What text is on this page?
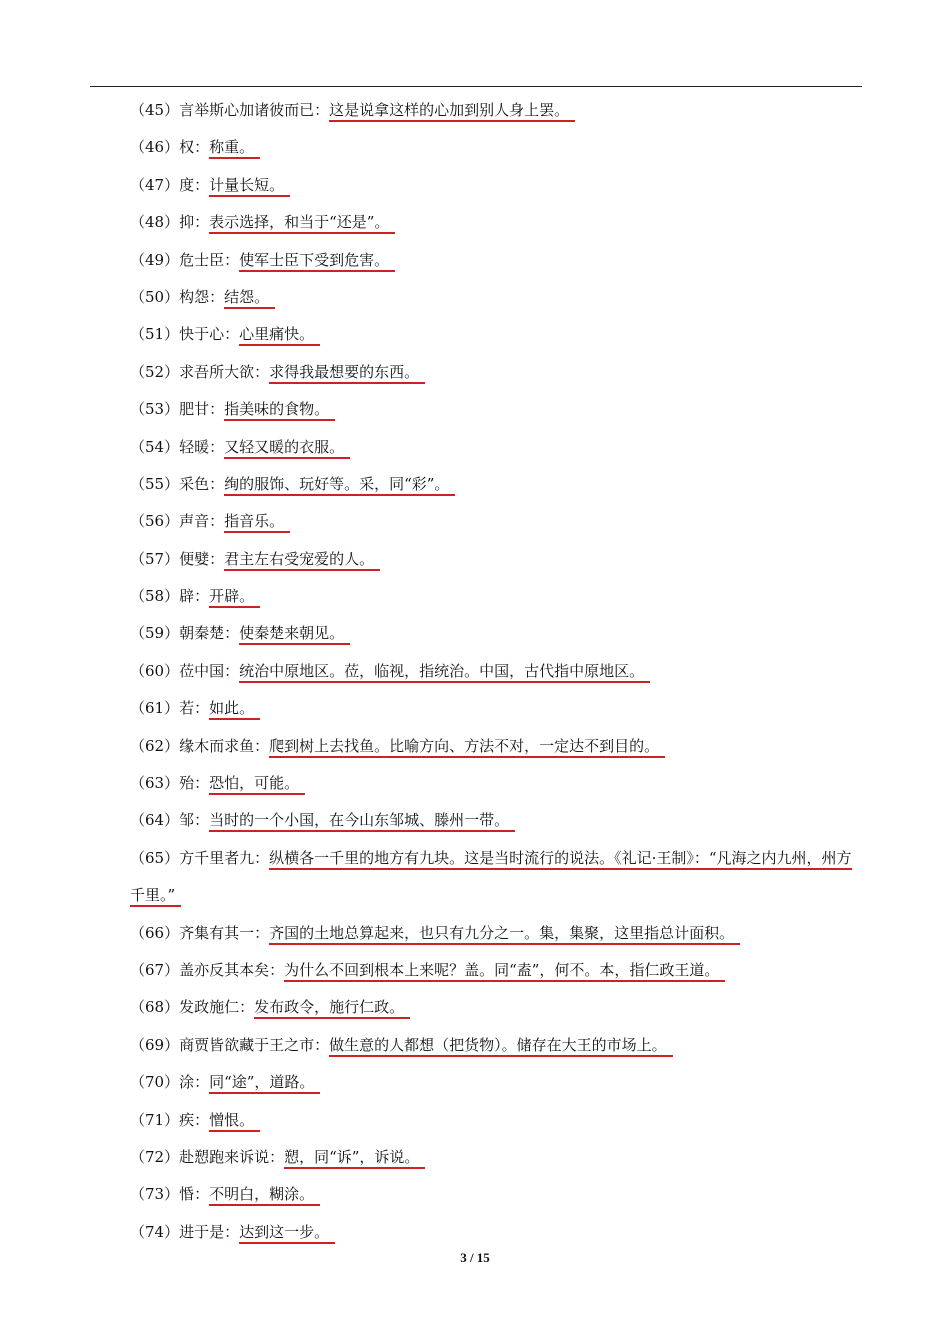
（45）言举斯心加诸彼而已：这是说拿这样的心加到别人身上罢。
（46）权：称重。
（47）度：计量长短。
（48）抑：表示选择，和当于“还是”。
（49）危士臣：使军士臣下受到危害。
（50）构怨：结怨。
（51）快于心：心里痛快。
（52）求吾所大欲：求得我最想要的东西。
（53）肥甘：指美味的食物。
（54）轻暖：又轻又暖的衣服。
（55）采色：绚的服饰、玩好等。采，同“彩”。
（56）声音：指音乐。
（57）便嬖：君主左右受宠爱的人。
（58）辟：开辟。
（59）朝秦楚：使秦楚来朝见。
（60）莅中国：统治中原地区。莅，临视，指统治。中国，古代指中原地区。
（61）若：如此。
（62）缘木而求鱼：爬到树上去找鱼。比喻方向、方法不对，一定达不到目的。
（63）殆：恐怕，可能。
（64）邹：当时的一个小国，在今山东邹城、滕州一带。
（65）方千里者九：纵横各一千里的地方有九块。这是当时流行的说法。《礼记·王制》：“凡海之内九州，州方千里。”
（66）齐集有其一：齐国的土地总算起来，也只有九分之一。集，集聚，这里指总计面积。
（67）盖亦反其本矣：为什么不回到根本上来呢？盖。同“盍”，何不。本，指仁政王道。
（68）发政施仁：发布政令，施行仁政。
（69）商贾皆欲藏于王之市：做生意的人都想（把货物）。储存在大王的市场上。
（70）涂：同“途”，道路。
（71）疾：憎恨。
（72）赴愬跑来诉说：愬，同“诉”，诉说。
（73）惛：不明白，糊涂。
（74）进于是：达到这一步。
3 / 15
